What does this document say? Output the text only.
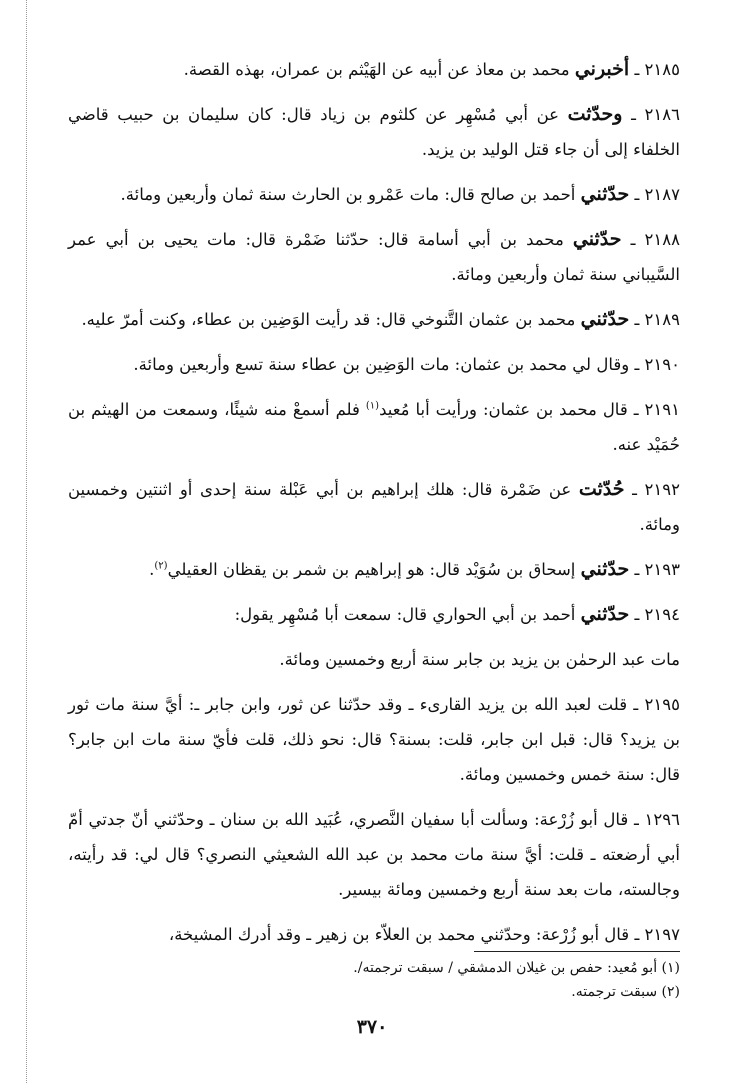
٢١٨٥ ـ أخبرني محمد بن معاذ عن أبيه عن الهَيْثم بن عمران، بهذه القصة.

٢١٨٦ ـ وحدّثت عن أبي مُسْهِر عن كلثوم بن زياد قال: كان سليمان بن حبيب قاضي الخلفاء إلى أن جاء قتل الوليد بن يزيد.

٢١٨٧ ـ حدّثني أحمد بن صالح قال: مات عَمْرو بن الحارث سنة ثمان وأربعين ومائة.

٢١٨٨ ـ حدّثني محمد بن أبي أسامة قال: حدّثنا ضَمْرة قال: مات يحيى بن أبي عمر السَّيباني سنة ثمان وأربعين ومائة.

٢١٨٩ ـ حدّثني محمد بن عثمان التَّنوخي قال: قد رأيت الوَضِين بن عطاء، وكنت أمرّ عليه.

٢١٩٠ ـ وقال لي محمد بن عثمان: مات الوَضِين بن عطاء سنة تسع وأربعين ومائة.

٢١٩١ ـ قال محمد بن عثمان: ورأيت أبا مُعيد$^{(١)}$ فلم أسمعْ منه شيئًا، وسمعت من الهيثم بن حُمَيْد عنه.

٢١٩٢ ـ حُدّثت عن ضَمْرة قال: هلك إبراهيم بن أبي عَبْلة سنة إحدى أو اثنتين وخمسين ومائة.

٢١٩٣ ـ حدّثني إسحاق بن سُوَيْد قال: هو إبراهيم بن شمر بن يقظان العقيلي$^{(٢)}$.

٢١٩٤ ـ حدّثني أحمد بن أبي الحواري قال: سمعت أبا مُسْهِر يقول:

مات عبد الرحمٰن بن يزيد بن جابر سنة أربع وخمسين ومائة.

٢١٩٥ ـ قلت لعبد الله بن يزيد القارىء ـ وقد حدّثنا عن ثور، وابن جابر ـ: أيَّ سنة مات ثور بن يزيد؟ قال: قبل ابن جابر، قلت: بسنة؟ قال: نحو ذلك، قلت فأيّ سنة مات ابن جابر؟ قال: سنة خمس وخمسين ومائة.

١٢٩٦ ـ قال أبو زُرْعة: وسألت أبا سفيان النَّصري، عُبَيد الله بن سنان ـ وحدّثني أنّ جدتي أمّ أبي أرضعته ـ قلت: أيَّ سنة مات محمد بن عبد الله الشعيثي النصري؟ قال لي: قد رأيته، وجالسته، مات بعد سنة أربع وخمسين ومائة بيسير.

٢١٩٧ ـ قال أبو زُرْعة: وحدّثني محمد بن العلاّء بن زهير ـ وقد أدرك المشيخة،

(١) أبو مُعيد: حفص بن غيلان الدمشقي / سبقت ترجمته/.

(٢) سبقت ترجمته.

٣٧٠
